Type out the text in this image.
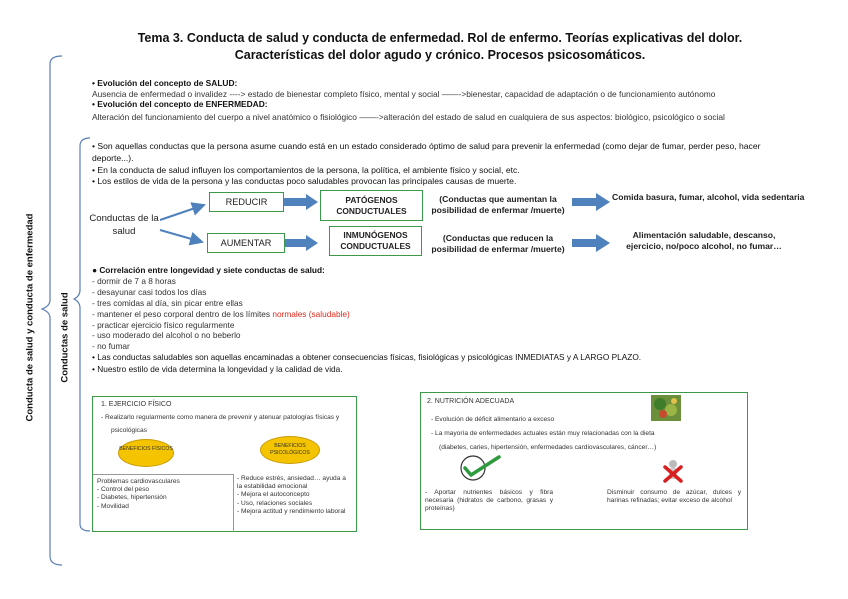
Tema 3. Conducta de salud y conducta de enfermedad. Rol de enfermo. Teorías explicativas del dolor.
Características del dolor agudo y crónico. Procesos psicosomáticos.
Conducta de salud y conducta de enfermedad	Conductas de salud
• Evolución del concepto de SALUD:
Ausencia de enfermedad o invalidez ----> estado de bienestar completo físico, mental y social ——->bienestar, capacidad de adaptación o de funcionamiento autónomo
• Evolución del concepto de ENFERMEDAD:
Alteración del funcionamiento del cuerpo a nivel anatómico o fisiológico ——->alteración del estado de salud en cualquiera de sus aspectos: biológico, psicológico o social
• Son aquellas conductas que la persona asume cuando está en un estado considerado óptimo de salud para prevenir la enfermedad (como dejar de fumar, perder peso, hacer
deporte...).
• En la conducta de salud influyen los comportamientos de la persona, la política, el ambiente físico y social, etc.
• Los estilos de vida de la persona y las conductas poco saludables provocan las principales causas de muerte.
Conductas de la salud
REDUCIR
AUMENTAR
PATÓGENOS CONDUCTUALES
INMUNÓGENOS CONDUCTUALES
(Conductas que aumentan la posibilidad de enfermar /muerte)
(Conductas que reducen la posibilidad de enfermar /muerte)
Comida basura, fumar, alcohol, vida sedentaria
Alimentación saludable, descanso, ejercicio, no/poco alcohol, no fumar…
● Correlación entre longevidad y siete conductas de salud:
- dormir de 7 a 8 horas
- desayunar casi todos los días
- tres comidas al día, sin picar entre ellas
- mantener el peso corporal dentro de los límites normales (saludable)
- practicar ejercicio físico regularmente
- uso moderado del alcohol o no beberlo
- no fumar
• Las conductas saludables son aquellas encaminadas a obtener consecuencias físicas, fisiológicas y psicológicas INMEDIATAS y A LARGO PLAZO.
• Nuestro estilo de vida determina la longevidad y la calidad de vida.
1. EJERCICIO FÍSICO
- Realizarlo regularmente como manera de prevenir y atenuar patologías físicas y
psicológicas
BENEFICIOS FÍSICOS	BENEFICIOS PSICOLÓGICOS
Problemas cardiovasculares
- Control del peso
- Diabetes, hipertensión
- Movilidad
- Reduce estrés, ansiedad… ayuda a
la estabilidad emocional
- Mejora el autoconcepto
- Uso, relaciones sociales
- Mejora actitud y rendimiento laboral
2. NUTRICIÓN ADECUADA
- Evolución de déficit alimentario a exceso
- La mayoría de enfermedades actuales están muy relacionadas con la dieta
(diabetes, caries, hipertensión, enfermedades cardiovasculares, cáncer…)
- Aportar nutrientes básicos y fibra necesaria (hidratos de carbono, grasas y proteínas)
Disminuir consumo de azúcar, dulces y harinas refinadas; evitar exceso de alcohol
